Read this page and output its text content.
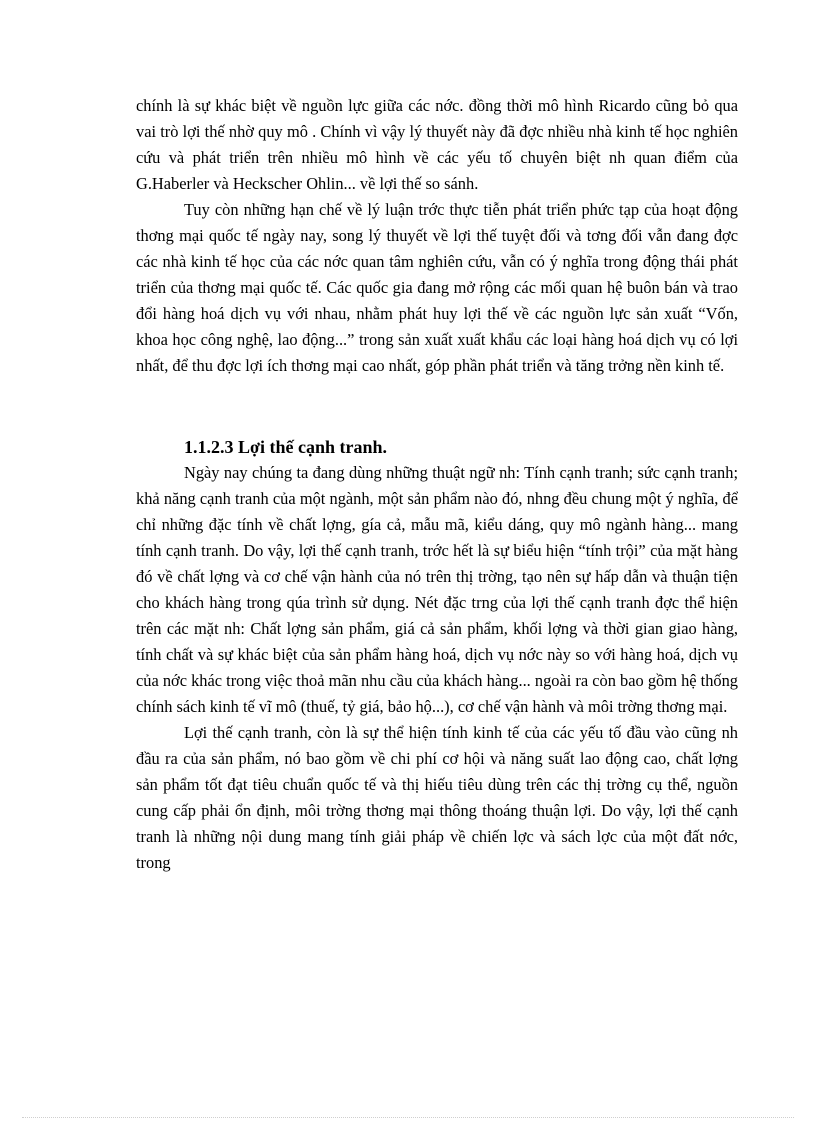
chính là sự khác biệt về nguồn lực giữa các nớc. đồng thời mô hình Ricardo cũng bỏ qua vai trò lợi thế nhờ quy mô . Chính vì vậy lý thuyết này đã đợc nhiều nhà kinh tế học nghiên cứu và phát triển trên nhiều mô hình về các yếu tố chuyên biệt nh quan điểm của G.Haberler và Heckscher Ohlin... về lợi thế so sánh.

Tuy còn những hạn chế về lý luận trớc thực tiễn phát triển phức tạp của hoạt động thơng mại quốc tế ngày nay, song lý thuyết về lợi thế tuyệt đối và tơng đối vẫn đang đợc các nhà kinh tế học của các nớc quan tâm nghiên cứu, vẫn có ý nghĩa trong động thái phát triển của thơng mại quốc tế. Các quốc gia đang mở rộng các mối quan hệ buôn bán và trao đổi hàng hoá dịch vụ với nhau, nhằm phát huy lợi thế về các nguồn lực sản xuất “Vốn, khoa học công nghệ, lao động...” trong sản xuất xuất khẩu các loại hàng hoá dịch vụ có lợi nhất, để thu đợc lợi ích thơng mại cao nhất, góp phần phát triển và tăng trởng nền kinh tế.

1.1.2.3 Lợi thế cạnh tranh.

Ngày nay chúng ta đang dùng những thuật ngữ nh: Tính cạnh tranh; sức cạnh tranh; khả năng cạnh tranh của một ngành, một sản phẩm nào đó, nhng đều chung một ý nghĩa, để chỉ những đặc tính về chất lợng, gía cả, mẫu mã, kiểu dáng, quy mô ngành hàng... mang tính cạnh tranh. Do vậy, lợi thế cạnh tranh, trớc hết là sự biểu hiện “tính trội” của mặt hàng đó về chất lợng và cơ chế vận hành của nó trên thị trờng, tạo nên sự hấp dẫn và thuận tiện cho khách hàng trong qúa trình sử dụng. Nét đặc trng của lợi thế cạnh tranh đợc thể hiện trên các mặt nh: Chất lợng sản phẩm, giá cả sản phẩm, khối lợng và thời gian giao hàng, tính chất và sự khác biệt của sản phẩm hàng hoá, dịch vụ nớc này so với hàng hoá, dịch vụ của nớc khác trong việc thoả mãn nhu cầu của khách hàng... ngoài ra còn bao gồm hệ thống chính sách kinh tế vĩ mô (thuế, tỷ giá, bảo hộ...), cơ chế vận hành và môi trờng thơng mại.

Lợi thế cạnh tranh, còn là sự thể hiện tính kinh tế của các yếu tố đầu vào cũng nh đầu ra của sản phẩm, nó bao gồm về chi phí cơ hội và năng suất lao động cao, chất lợng sản phẩm tốt đạt tiêu chuẩn quốc tế và thị hiếu tiêu dùng trên các thị trờng cụ thể, nguồn cung cấp phải ổn định, môi trờng thơng mại thông thoáng thuận lợi. Do vậy, lợi thế cạnh tranh là những nội dung mang tính giải pháp về chiến lợc và sách lợc của một đất nớc, trong
